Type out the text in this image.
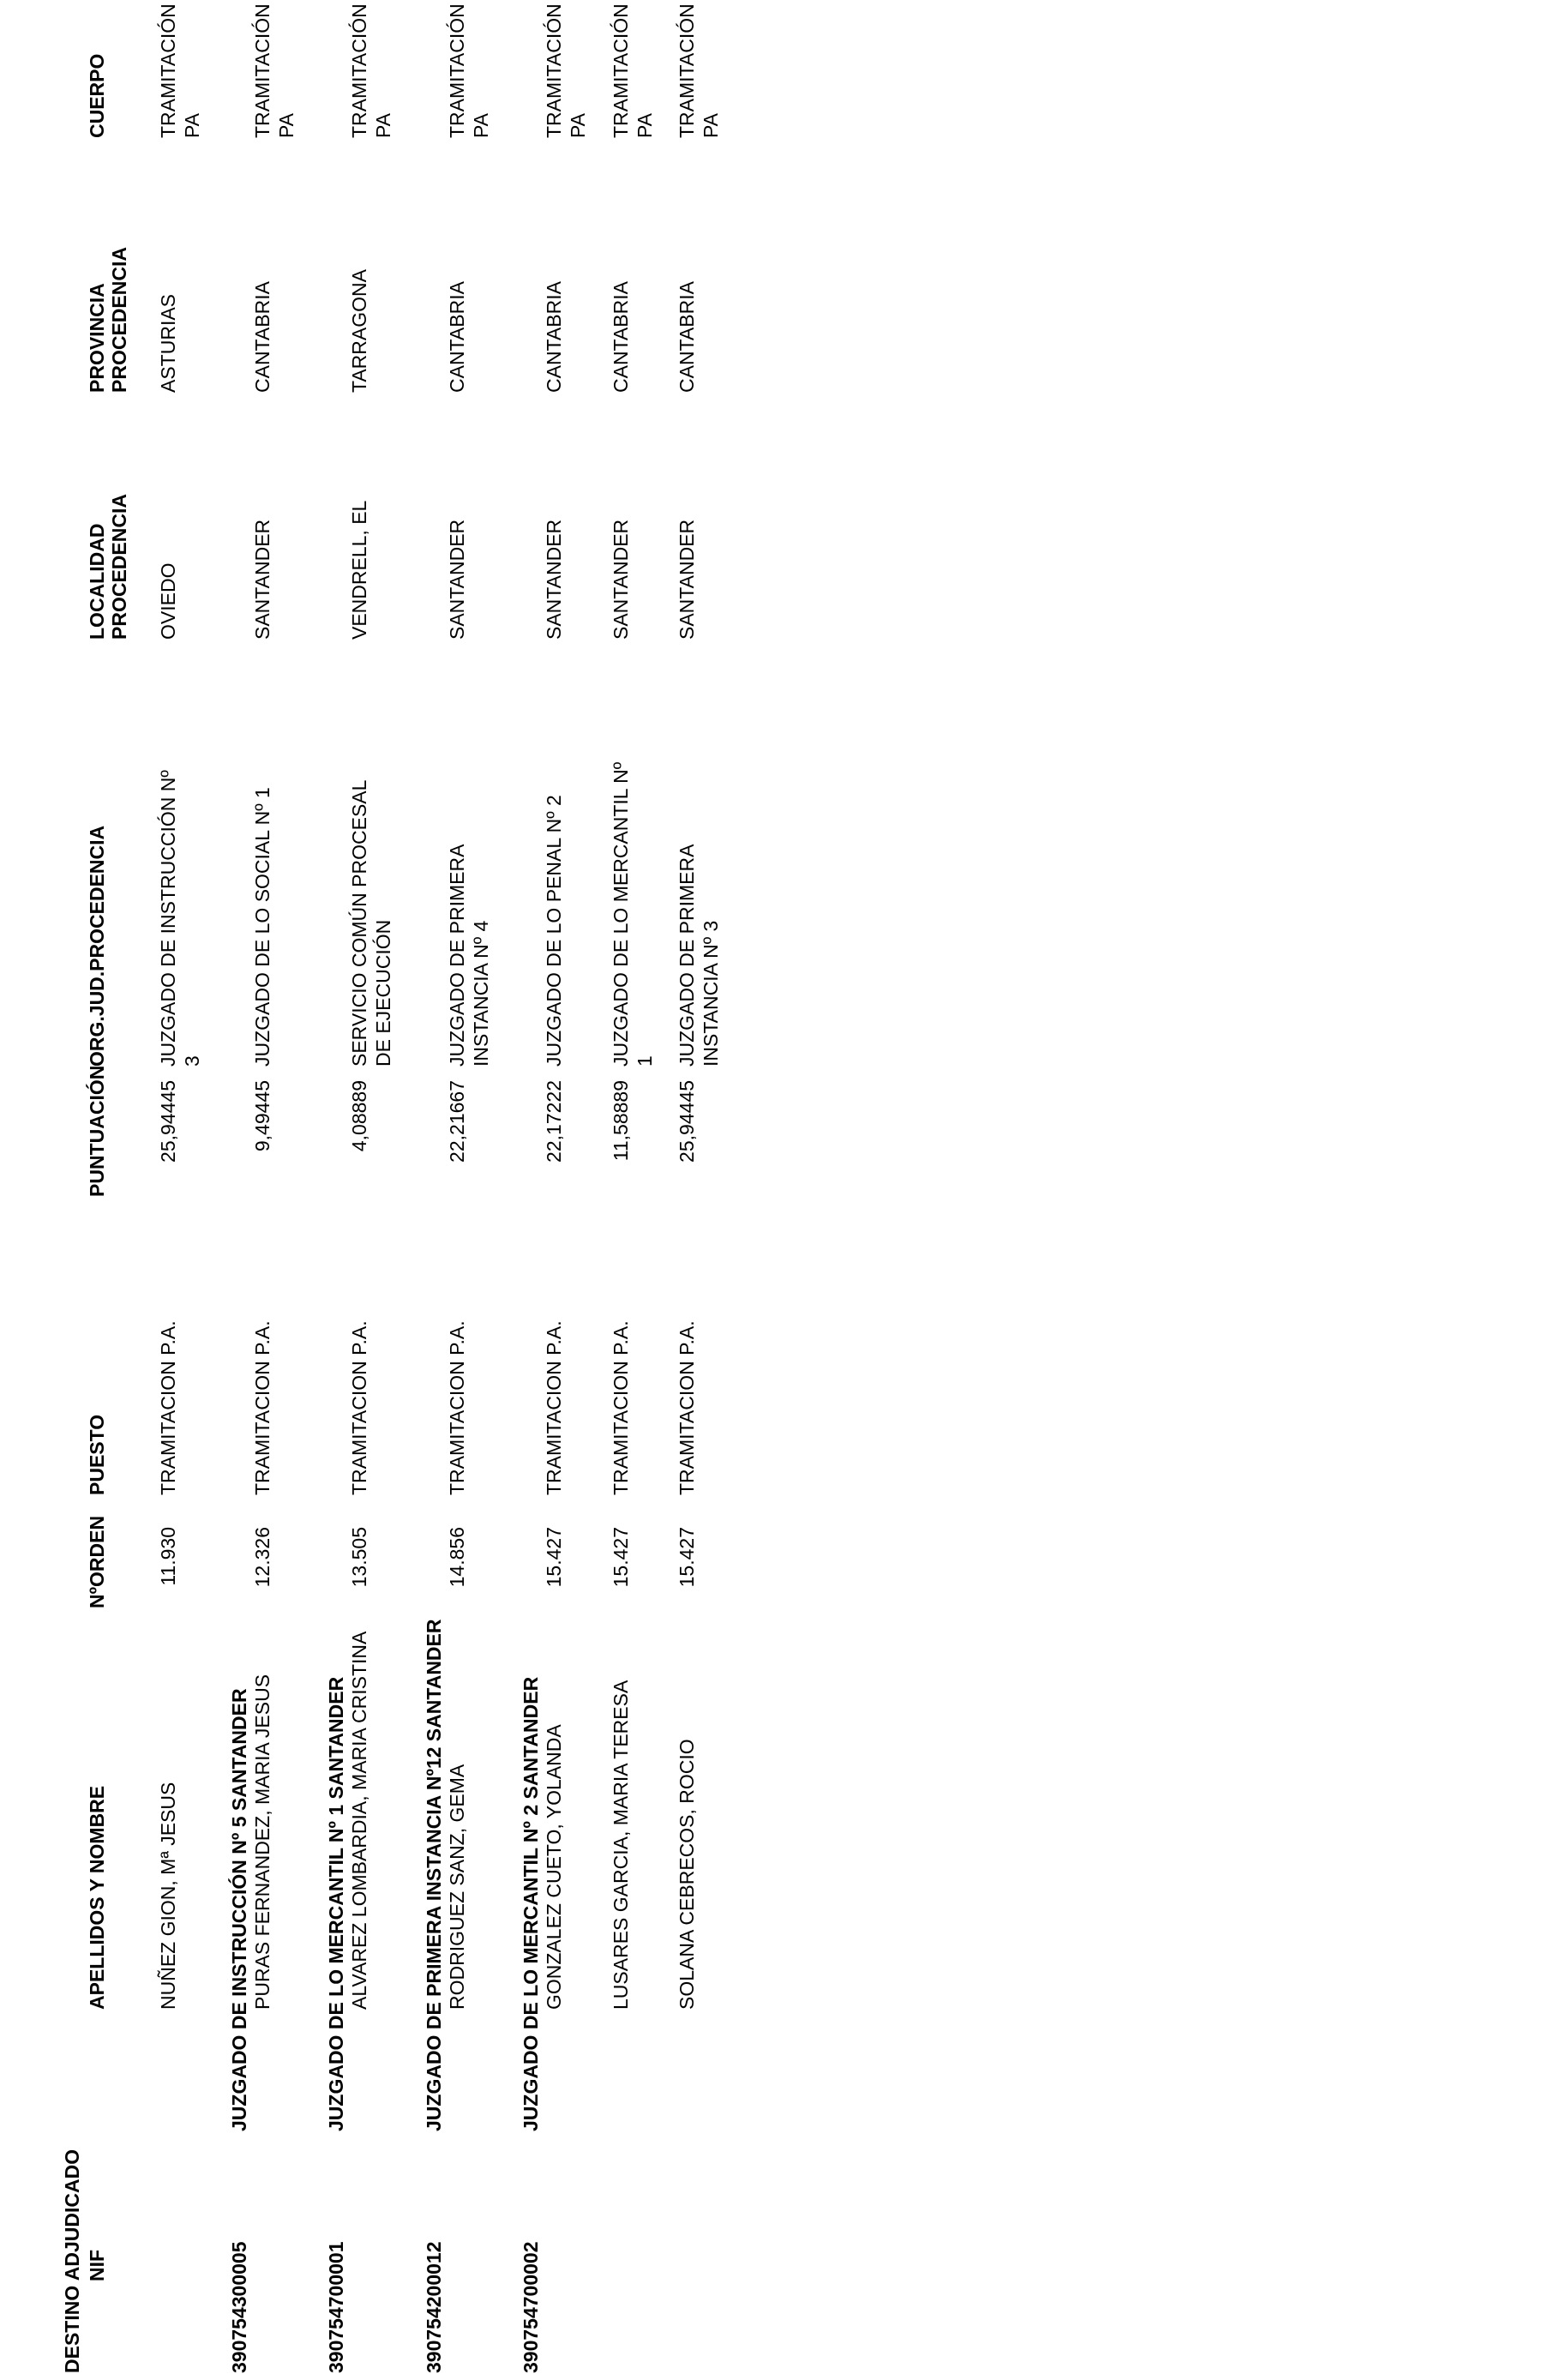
DESTINO ADJUDICADO NIF
APELLIDOS Y NOMBRE
NºORDEN
PUESTO
PUNTUACIÓN
ORG.JUD.PROCEDENCIA
LOCALIDAD PROCEDENCIA
PROVINCIA PROCEDENCIA
CUERPO
NUÑEZ GION, Mª JESUS
11.930
TRAMITACION P.A.
25,94445
JUZGADO DE INSTRUCCIÓN Nº 3
OVIEDO
ASTURIAS
TRAMITACIÓN PA
390754300005
JUZGADO DE INSTRUCCIÓN Nº 5 SANTANDER PURAS FERNANDEZ, MARIA JESUS
12.326
TRAMITACION P.A.
9,49445
JUZGADO DE LO SOCIAL Nº 1
SANTANDER
CANTABRIA
TRAMITACIÓN PA
390754700001
JUZGADO DE LO MERCANTIL Nº 1 SANTANDER ALVAREZ LOMBARDIA, MARIA CRISTINA
13.505
TRAMITACION P.A.
4,08889
SERVICIO COMÚN PROCESAL DE EJECUCIÓN
VENDRELL, EL
TARRAGONA
TRAMITACIÓN PA
390754200012
JUZGADO DE PRIMERA INSTANCIA Nº12 SANTANDER RODRIGUEZ SANZ, GEMA
14.856
TRAMITACION P.A.
22,21667
JUZGADO DE PRIMERA INSTANCIA Nº 4
SANTANDER
CANTABRIA
TRAMITACIÓN PA
390754700002
JUZGADO DE LO MERCANTIL Nº 2 SANTANDER GONZALEZ CUETO, YOLANDA
15.427
TRAMITACION P.A.
22,17222
JUZGADO DE LO PENAL Nº 2
SANTANDER
CANTABRIA
TRAMITACIÓN PA
LUSARES GARCIA, MARIA TERESA
15.427
TRAMITACION P.A.
11,58889
JUZGADO DE LO MERCANTIL Nº 1
SANTANDER
CANTABRIA
TRAMITACIÓN PA
SOLANA CEBRECOS, ROCIO
15.427
TRAMITACION P.A.
25,94445
JUZGADO DE PRIMERA INSTANCIA Nº 3
SANTANDER
CANTABRIA
TRAMITACIÓN PA
